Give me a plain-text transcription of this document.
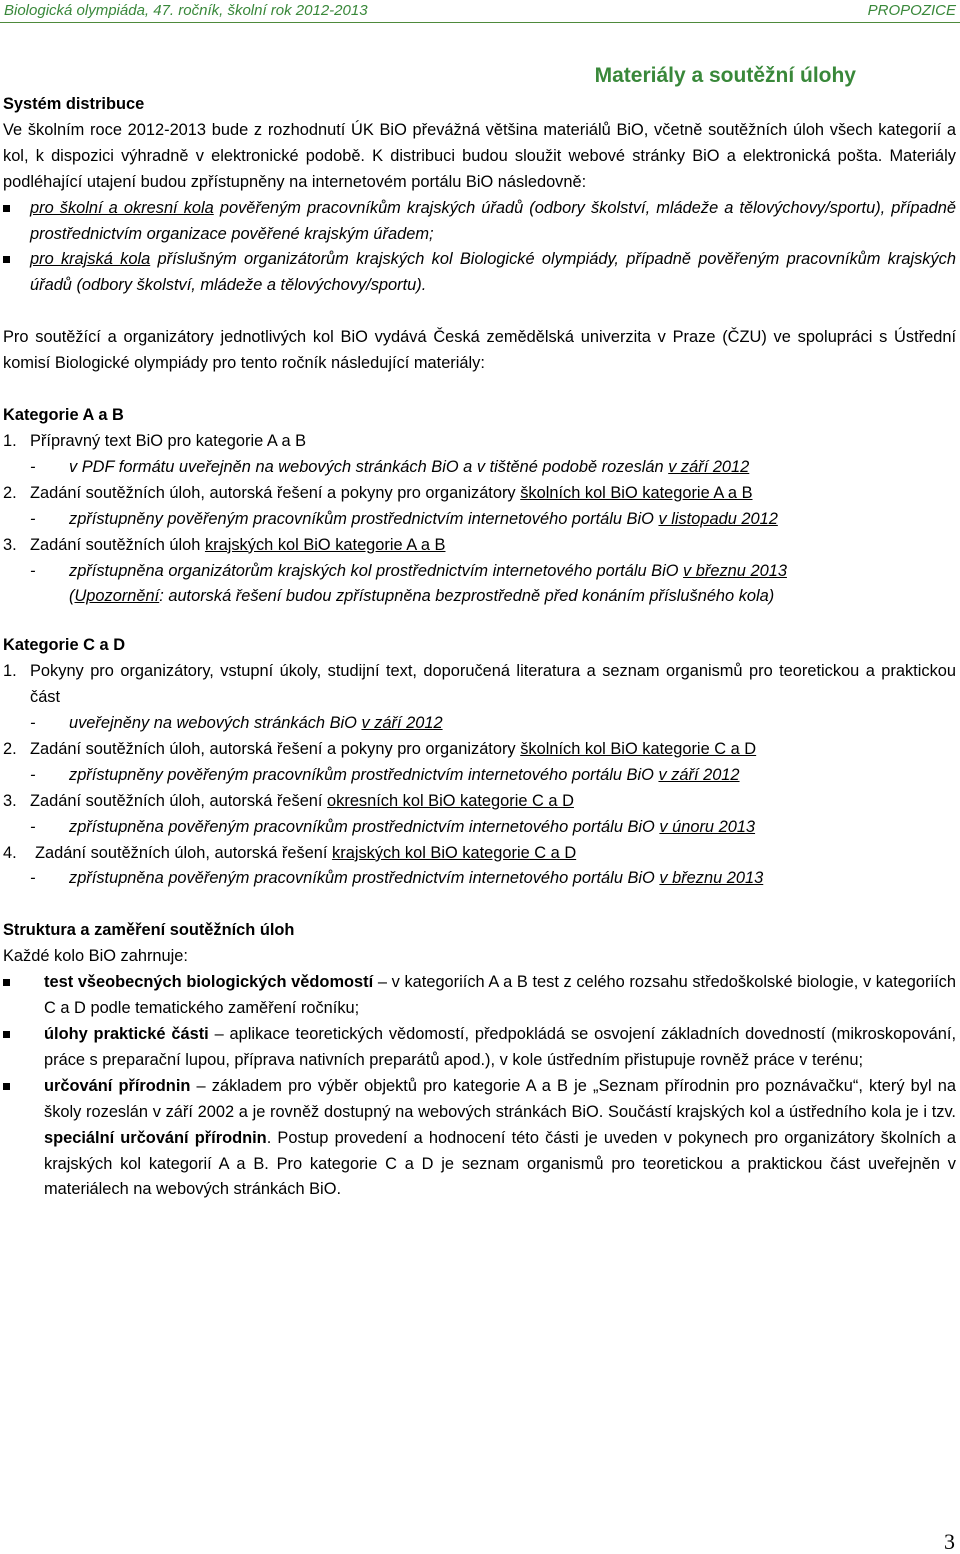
Biologická olympiáda, 47. ročník, školní rok 2012-2013	PROPOZICE
Materiály a soutěžní úlohy

Systém distribuce

Ve školním roce 2012-2013 bude z rozhodnutí ÚK BiO převážná většina materiálů BiO, včetně soutěžních úloh všech kategorií a kol, k dispozici výhradně v elektronické podobě. K distribuci budou sloužit webové stránky BiO a elektronická pošta. Materiály podléhající utajení budou zpřístupněny na internetovém portálu BiO následovně:

pro školní a okresní kola pověřeným pracovníkům krajských úřadů (odbory školství, mládeže a tělovýchovy/sportu), případně prostřednictvím organizace pověřené krajským úřadem;
pro krajská kola příslušným organizátorům krajských kol Biologické olympiády, případně pověřeným pracovníkům krajských úřadů (odbory školství, mládeže a tělovýchovy/sportu).

Pro soutěžící a organizátory jednotlivých kol BiO vydává Česká zemědělská univerzita v Praze (ČZU) ve spolupráci s Ústřední komisí Biologické olympiády pro tento ročník následující materiály:

Kategorie A a B

1. Přípravný text BiO pro kategorie A a B
- v PDF formátu uveřejněn na webových stránkách BiO a v tištěné podobě rozeslán v září 2012
2. Zadání soutěžních úloh, autorská řešení a pokyny pro organizátory školních kol BiO kategorie A a B
- zpřístupněny pověřeným pracovníkům prostřednictvím internetového portálu BiO v listopadu 2012
3. Zadání soutěžních úloh krajských kol BiO kategorie A a B
- zpřístupněna organizátorům krajských kol prostřednictvím internetového portálu BiO v březnu 2013
(Upozornění: autorská řešení budou zpřístupněna bezprostředně před konáním příslušného kola)

Kategorie C a D

1. Pokyny pro organizátory, vstupní úkoly, studijní text, doporučená literatura a seznam organismů pro teoretickou a praktickou část
- uveřejněny na webových stránkách BiO v září 2012
2. Zadání soutěžních úloh, autorská řešení a pokyny pro organizátory školních kol BiO kategorie C a D
- zpřístupněny pověřeným pracovníkům prostřednictvím internetového portálu BiO v září 2012
3. Zadání soutěžních úloh, autorská řešení okresních kol BiO kategorie C a D
- zpřístupněna pověřeným pracovníkům prostřednictvím internetového portálu BiO v únoru 2013
4. Zadání soutěžních úloh, autorská řešení krajských kol BiO kategorie C a D
- zpřístupněna pověřeným pracovníkům prostřednictvím internetového portálu BiO v březnu 2013

Struktura a zaměření soutěžních úloh

Každé kolo BiO zahrnuje:

test všeobecných biologických vědomostí – v kategoriích A a B test z celého rozsahu středoškolské biologie, v kategoriích C a D podle tematického zaměření ročníku;
úlohy praktické části – aplikace teoretických vědomostí, předpokládá se osvojení základních dovedností (mikroskopování, práce s preparační lupou, příprava nativních preparátů apod.), v kole ústředním přistupuje rovněž práce v terénu;
určování přírodnin – základem pro výběr objektů pro kategorie A a B je „Seznam přírodnin pro poznávačku“, který byl na školy rozeslán v září 2002 a je rovněž dostupný na webových stránkách BiO. Součástí krajských kol a ústředního kola je i tzv. speciální určování přírodnin. Postup provedení a hodnocení této části je uveden v pokynech pro organizátory školních a krajských kol kategorií A a B. Pro kategorie C a D je seznam organismů pro teoretickou a praktickou část uveřejněn v materiálech na webových stránkách BiO.
3
